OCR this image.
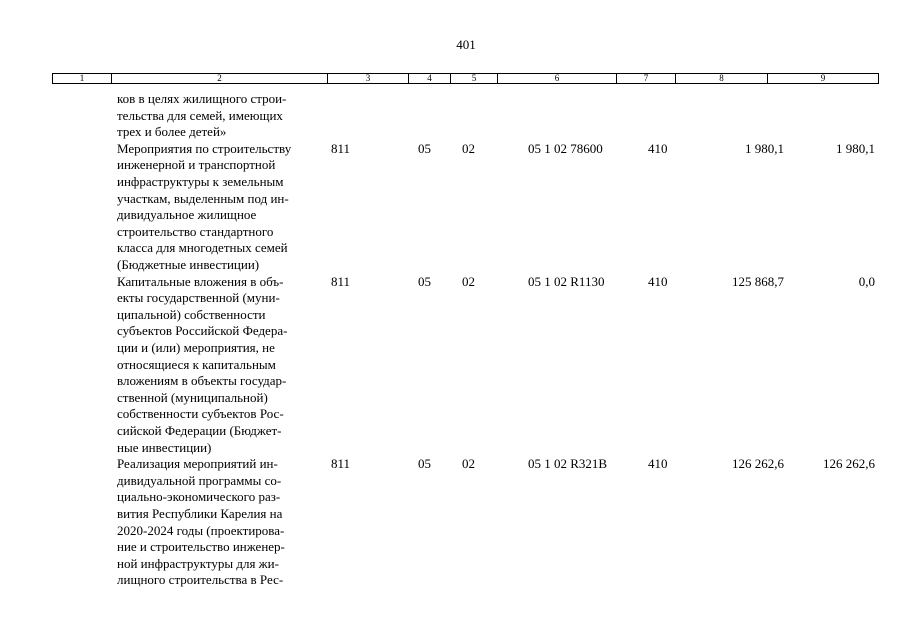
401
1	2	3	4	5	6	7	8	9
ков в целях жилищного строи-
тельства для семей, имеющих
трех и более детей»
Мероприятия по строительству
инженерной и транспортной
инфраструктуры к земельным
участкам, выделенным под ин-
дивидуальное жилищное
строительство стандартного
класса для многодетных семей
(Бюджетные инвестиции)
811	05 02	05 1 02 78600	410	1 980,1	1 980,1
Капитальные вложения в объ-
екты государственной (муни-
ципальной) собственности
субъектов Российской Федера-
ции и (или) мероприятия, не
относящиеся к капитальным
вложениям в объекты государ-
ственной (муниципальной)
собственности субъектов Рос-
сийской Федерации (Бюджет-
ные инвестиции)
811	05 02	05 1 02 R1130	410	125 868,7	0,0
Реализация мероприятий ин-
дивидуальной программы со-
циально-экономического раз-
вития Республики Карелия на
2020-2024 годы (проектирова-
ние и строительство инженер-
ной инфраструктуры для жи-
лищного строительства в Рес-
811	05 02	05 1 02 R321В	410	126 262,6	126 262,6
